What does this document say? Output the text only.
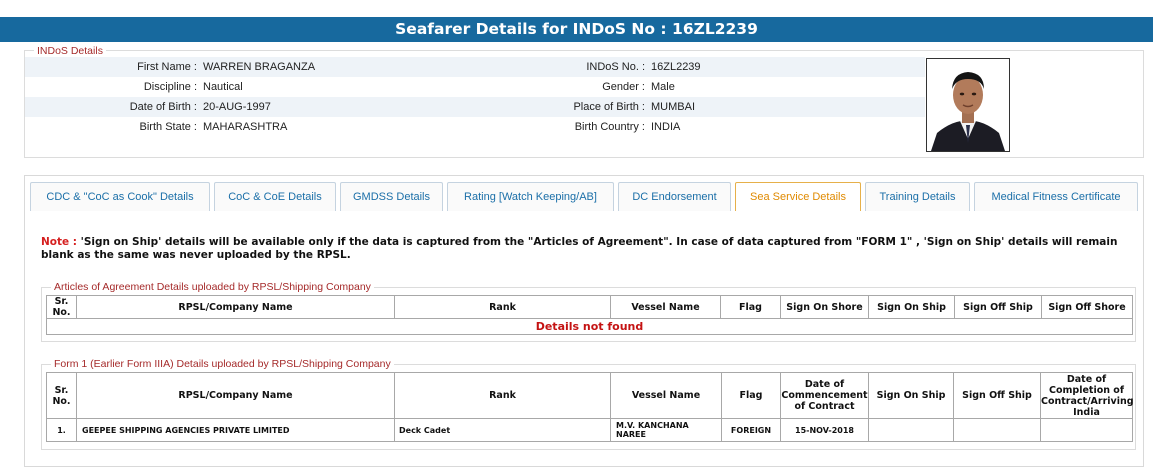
Seafarer Details for INDoS No : 16ZL2239
INDoS Details
First Name : WARREN BRAGANZA	INDoS No. : 16ZL2239
Discipline : Nautical	Gender : Male
Date of Birth : 20-AUG-1997	Place of Birth : MUMBAI
Birth State : MAHARASHTRA	Birth Country : INDIA
CDC & "CoC as Cook" Details	CoC & CoE Details	GMDSS Details	Rating [Watch Keeping/AB]	DC Endorsement	Sea Service Details	Training Details	Medical Fitness Certificate
Note : 'Sign on Ship' details will be available only if the data is captured from the "Articles of Agreement". In case of data captured from "FORM 1" , 'Sign on Ship' details will remain blank as the same was never uploaded by the RPSL.
Articles of Agreement Details uploaded by RPSL/Shipping Company
Sr. No.	RPSL/Company Name	Rank	Vessel Name	Flag	Sign On Shore	Sign On Ship	Sign Off Ship	Sign Off Shore
Details not found
Form 1 (Earlier Form IIIA) Details uploaded by RPSL/Shipping Company
Sr. No.	RPSL/Company Name	Rank	Vessel Name	Flag	Date of Commencement of Contract	Sign On Ship	Sign Off Ship	Date of Completion of Contract/Arriving India
1.	GEEPEE SHIPPING AGENCIES PRIVATE LIMITED	Deck Cadet	M.V. KANCHANA NAREE	FOREIGN	15-NOV-2018			
